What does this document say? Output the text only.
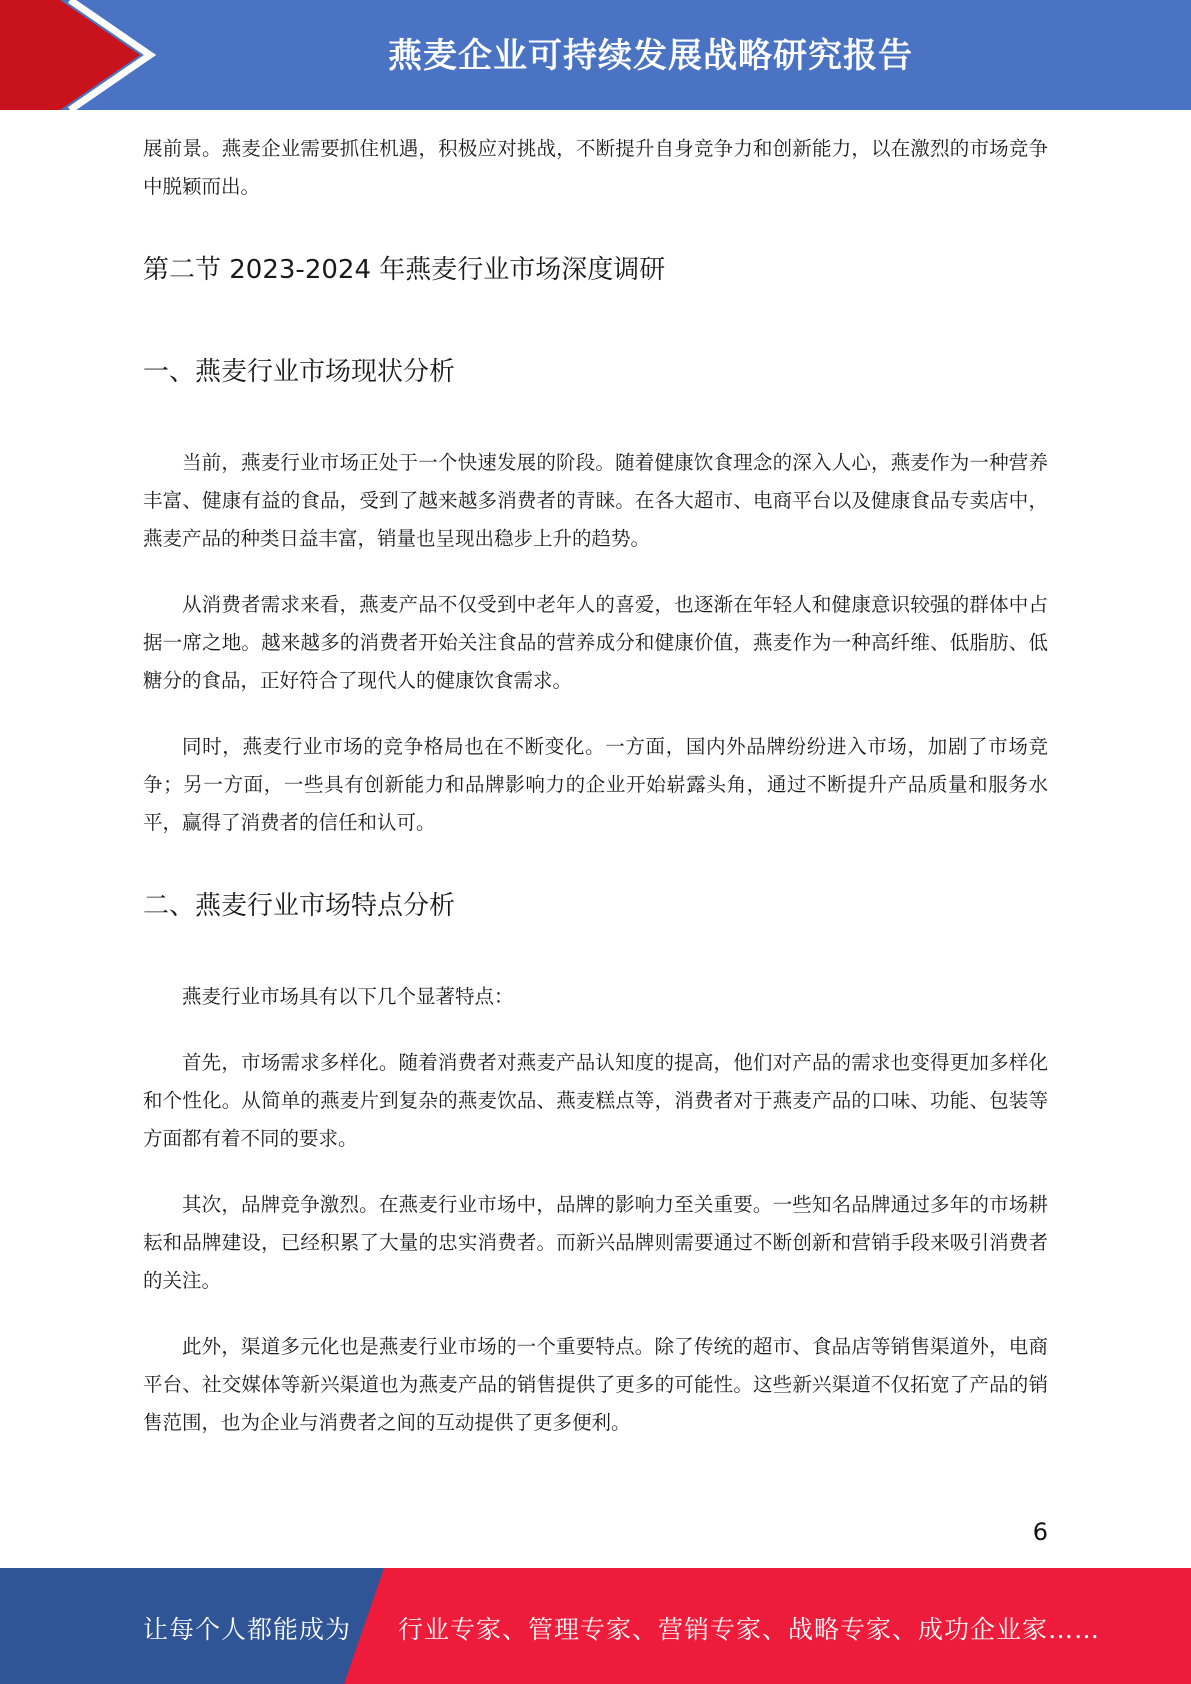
燕麦企业可持续发展战略研究报告

展前景。燕麦企业需要抓住机遇，积极应对挑战，不断提升自身竞争力和创新能力，以在激烈的市场竞争中脱颖而出。

第二节 2023-2024 年燕麦行业市场深度调研
一、燕麦行业市场现状分析

当前，燕麦行业市场正处于一个快速发展的阶段。随着健康饮食理念的深入人心，燕麦作为一种营养丰富、健康有益的食品，受到了越来越多消费者的青睐。在各大超市、电商平台以及健康食品专卖店中，燕麦产品的种类日益丰富，销量也呈现出稳步上升的趋势。

从消费者需求来看，燕麦产品不仅受到中老年人的喜爱，也逐渐在年轻人和健康意识较强的群体中占据一席之地。越来越多的消费者开始关注食品的营养成分和健康价值，燕麦作为一种高纤维、低脂肪、低糖分的食品，正好符合了现代人的健康饮食需求。

同时，燕麦行业市场的竞争格局也在不断变化。一方面，国内外品牌纷纷进入市场，加剧了市场竞争；另一方面，一些具有创新能力和品牌影响力的企业开始崭露头角，通过不断提升产品质量和服务水平，赢得了消费者的信任和认可。

二、燕麦行业市场特点分析

燕麦行业市场具有以下几个显著特点：

首先，市场需求多样化。随着消费者对燕麦产品认知度的提高，他们对产品的需求也变得更加多样化和个性化。从简单的燕麦片到复杂的燕麦饮品、燕麦糕点等，消费者对于燕麦产品的口味、功能、包装等方面都有着不同的要求。

其次，品牌竞争激烈。在燕麦行业市场中，品牌的影响力至关重要。一些知名品牌通过多年的市场耕耘和品牌建设，已经积累了大量的忠实消费者。而新兴品牌则需要通过不断创新和营销手段来吸引消费者的关注。

此外，渠道多元化也是燕麦行业市场的一个重要特点。除了传统的超市、食品店等销售渠道外，电商平台、社交媒体等新兴渠道也为燕麦产品的销售提供了更多的可能性。这些新兴渠道不仅拓宽了产品的销售范围，也为企业与消费者之间的互动提供了更多便利。

6
让每个人都能成为 行业专家、管理专家、营销专家、战略专家、成功企业家……
